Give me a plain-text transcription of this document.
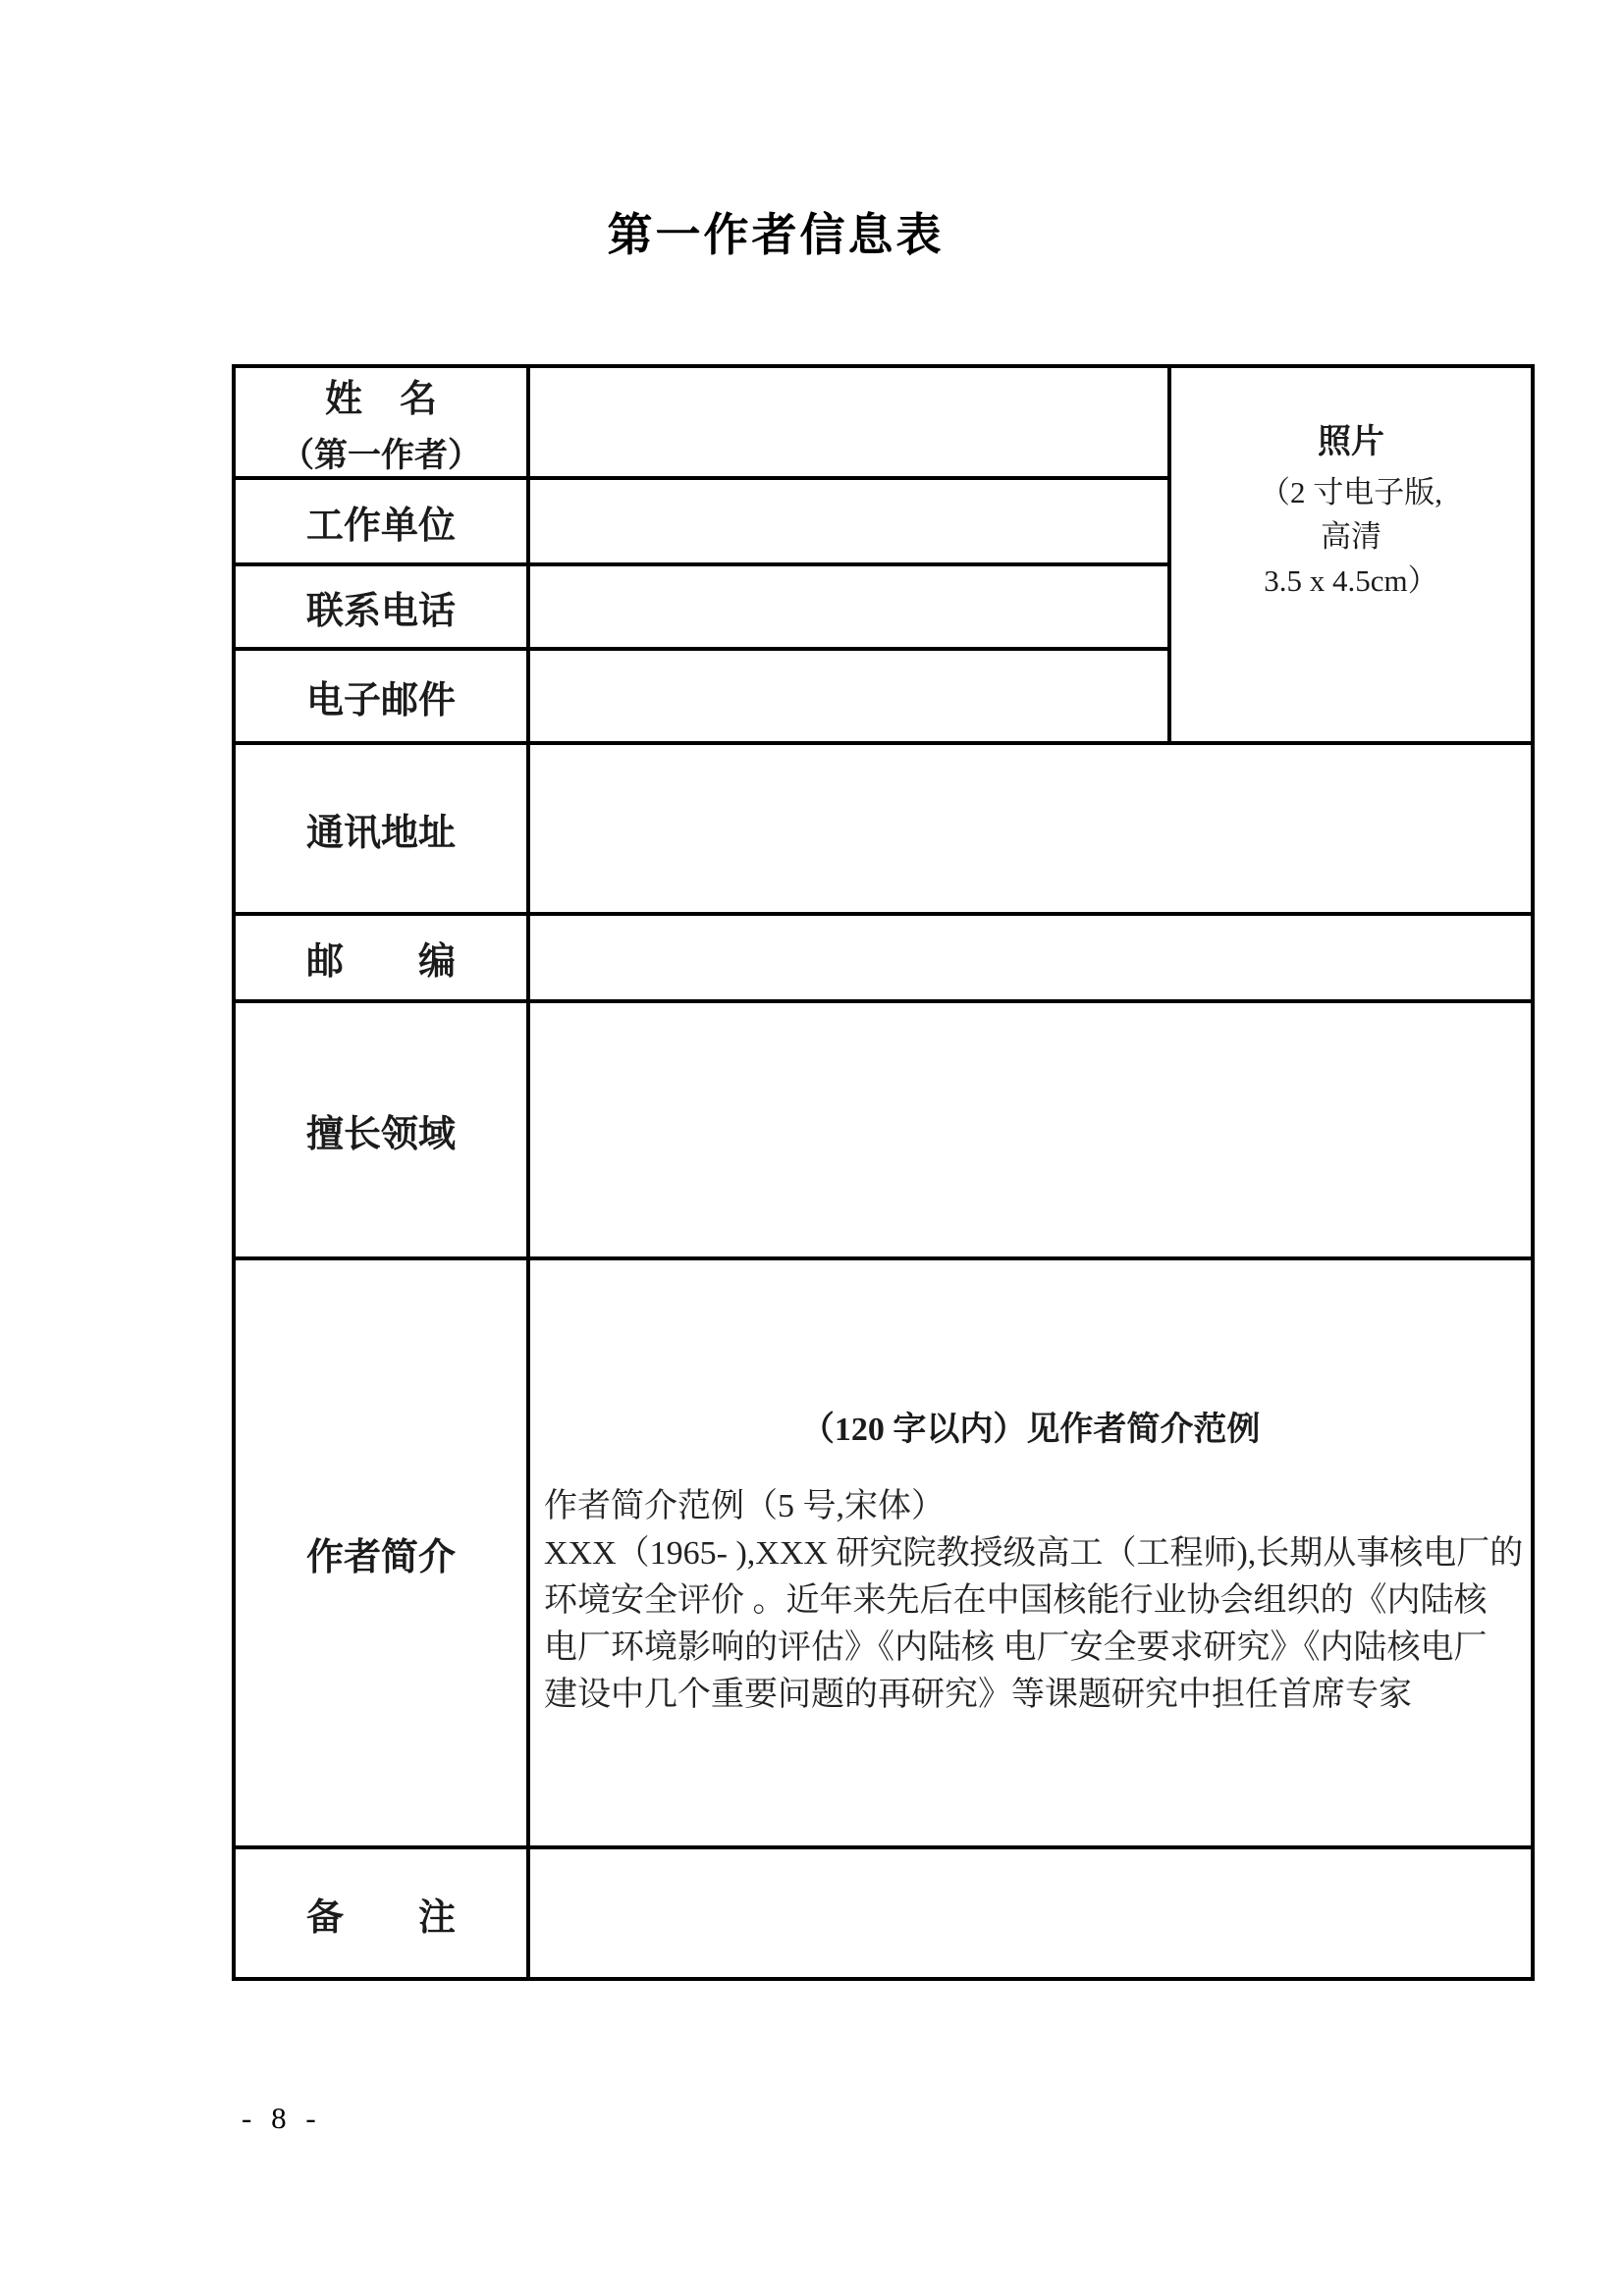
第一作者信息表
姓　名
（第一作者）		照片
（2 寸电子版,
高清
3.5 x 4.5cm）

工作单位		

联系电话		

电子邮件		

通讯地址		

邮　　编		

擅长领域		

作者简介

（120 字以内）见作者简介范例
作者简介范例（5 号,宋体）
XXX（1965- ),XXX 研究院教授级高工（工程师),长期从事核电厂的
环境安全评价 。近年来先后在中国核能行业协会组织的《内陆核
电厂环境影响的评估》《内陆核 电厂安全要求研究》《内陆核电厂
建设中几个重要问题的再研究》等课题研究中担任首席专家

备　　注		

- 8 -
